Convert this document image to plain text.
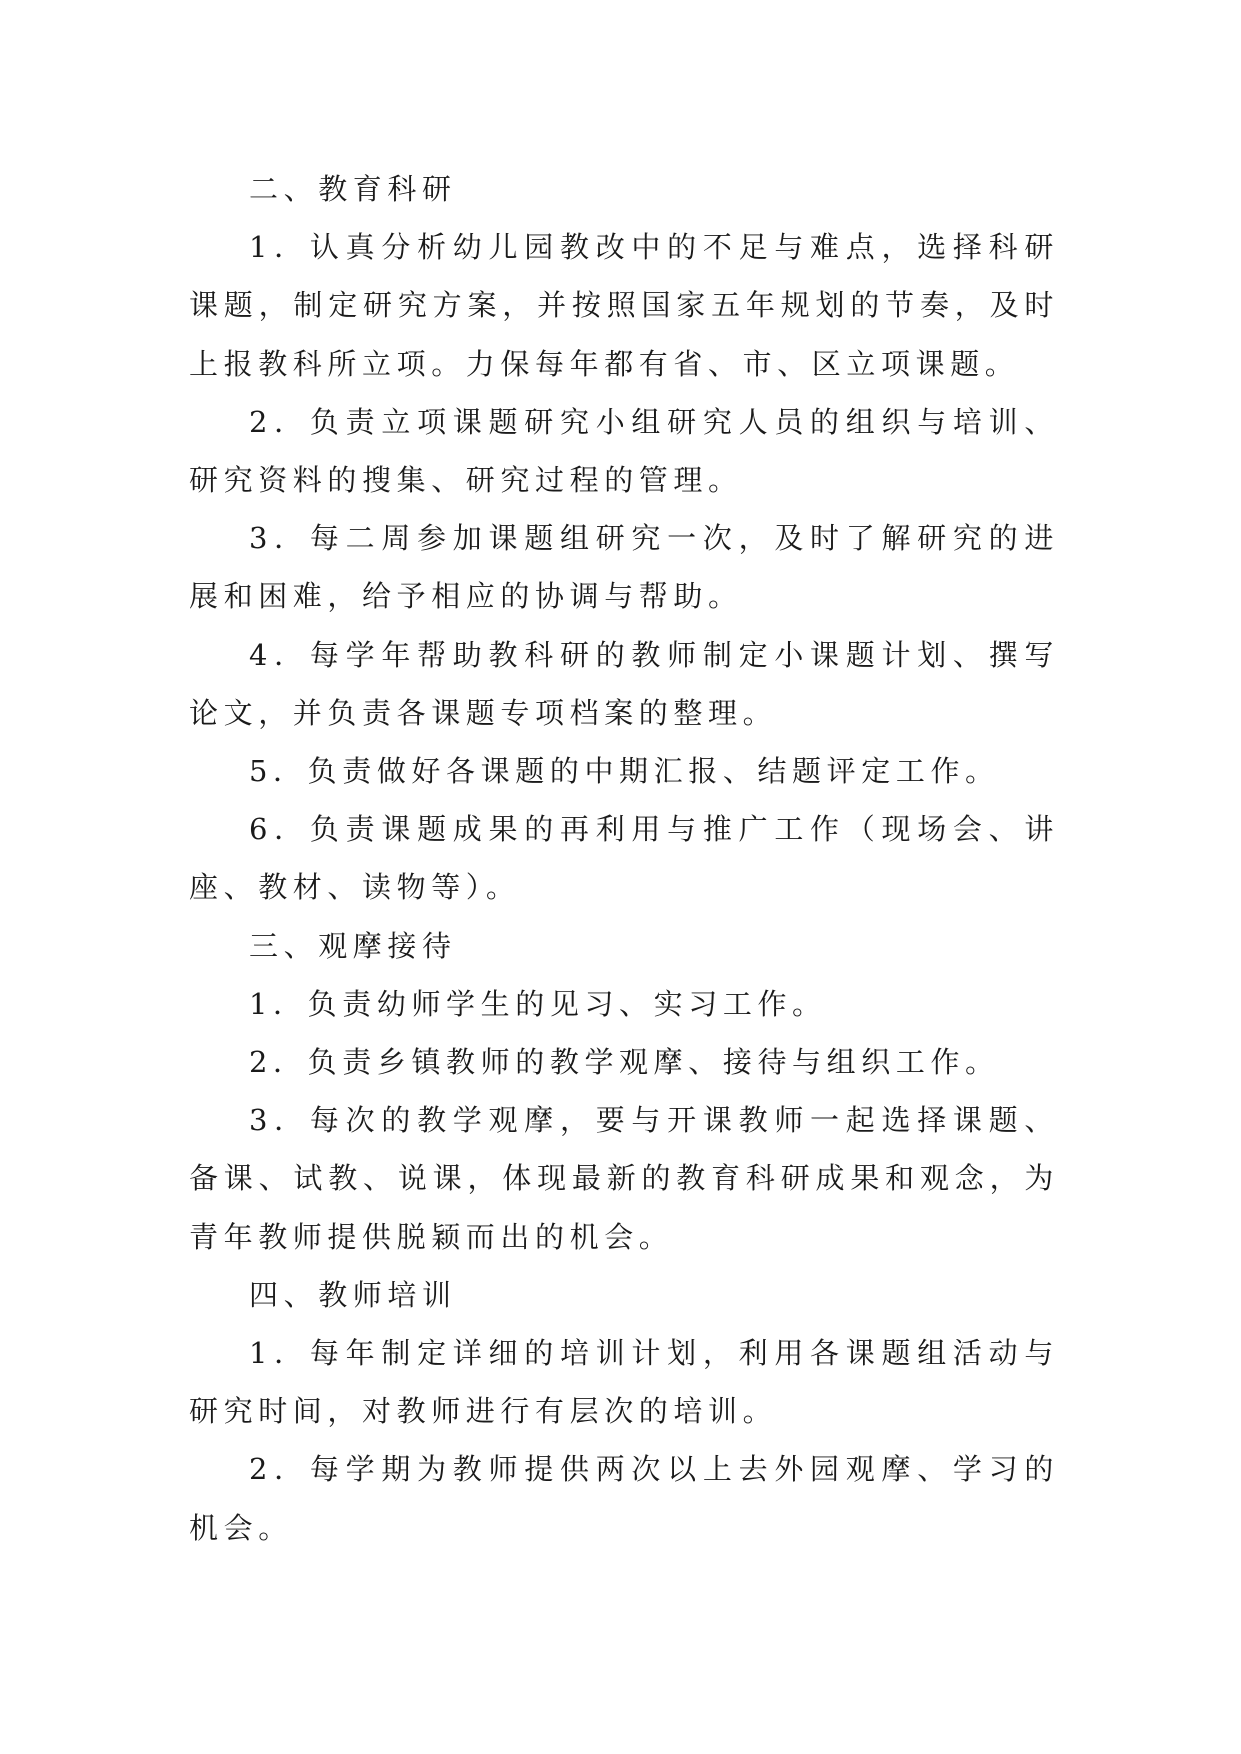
二、教育科研

1．认真分析幼儿园教改中的不足与难点，选择科研课题，制定研究方案，并按照国家五年规划的节奏，及时上报教科所立项。力保每年都有省、市、区立项课题。

2．负责立项课题研究小组研究人员的组织与培训、研究资料的搜集、研究过程的管理。

3．每二周参加课题组研究一次，及时了解研究的进展和困难，给予相应的协调与帮助。

4．每学年帮助教科研的教师制定小课题计划、撰写论文，并负责各课题专项档案的整理。

5．负责做好各课题的中期汇报、结题评定工作。

6．负责课题成果的再利用与推广工作（现场会、讲座、教材、读物等）。

三、观摩接待

1．负责幼师学生的见习、实习工作。

2．负责乡镇教师的教学观摩、接待与组织工作。

3．每次的教学观摩，要与开课教师一起选择课题、备课、试教、说课，体现最新的教育科研成果和观念，为青年教师提供脱颖而出的机会。

四、教师培训

1．每年制定详细的培训计划，利用各课题组活动与研究时间，对教师进行有层次的培训。

2．每学期为教师提供两次以上去外园观摩、学习的机会。
